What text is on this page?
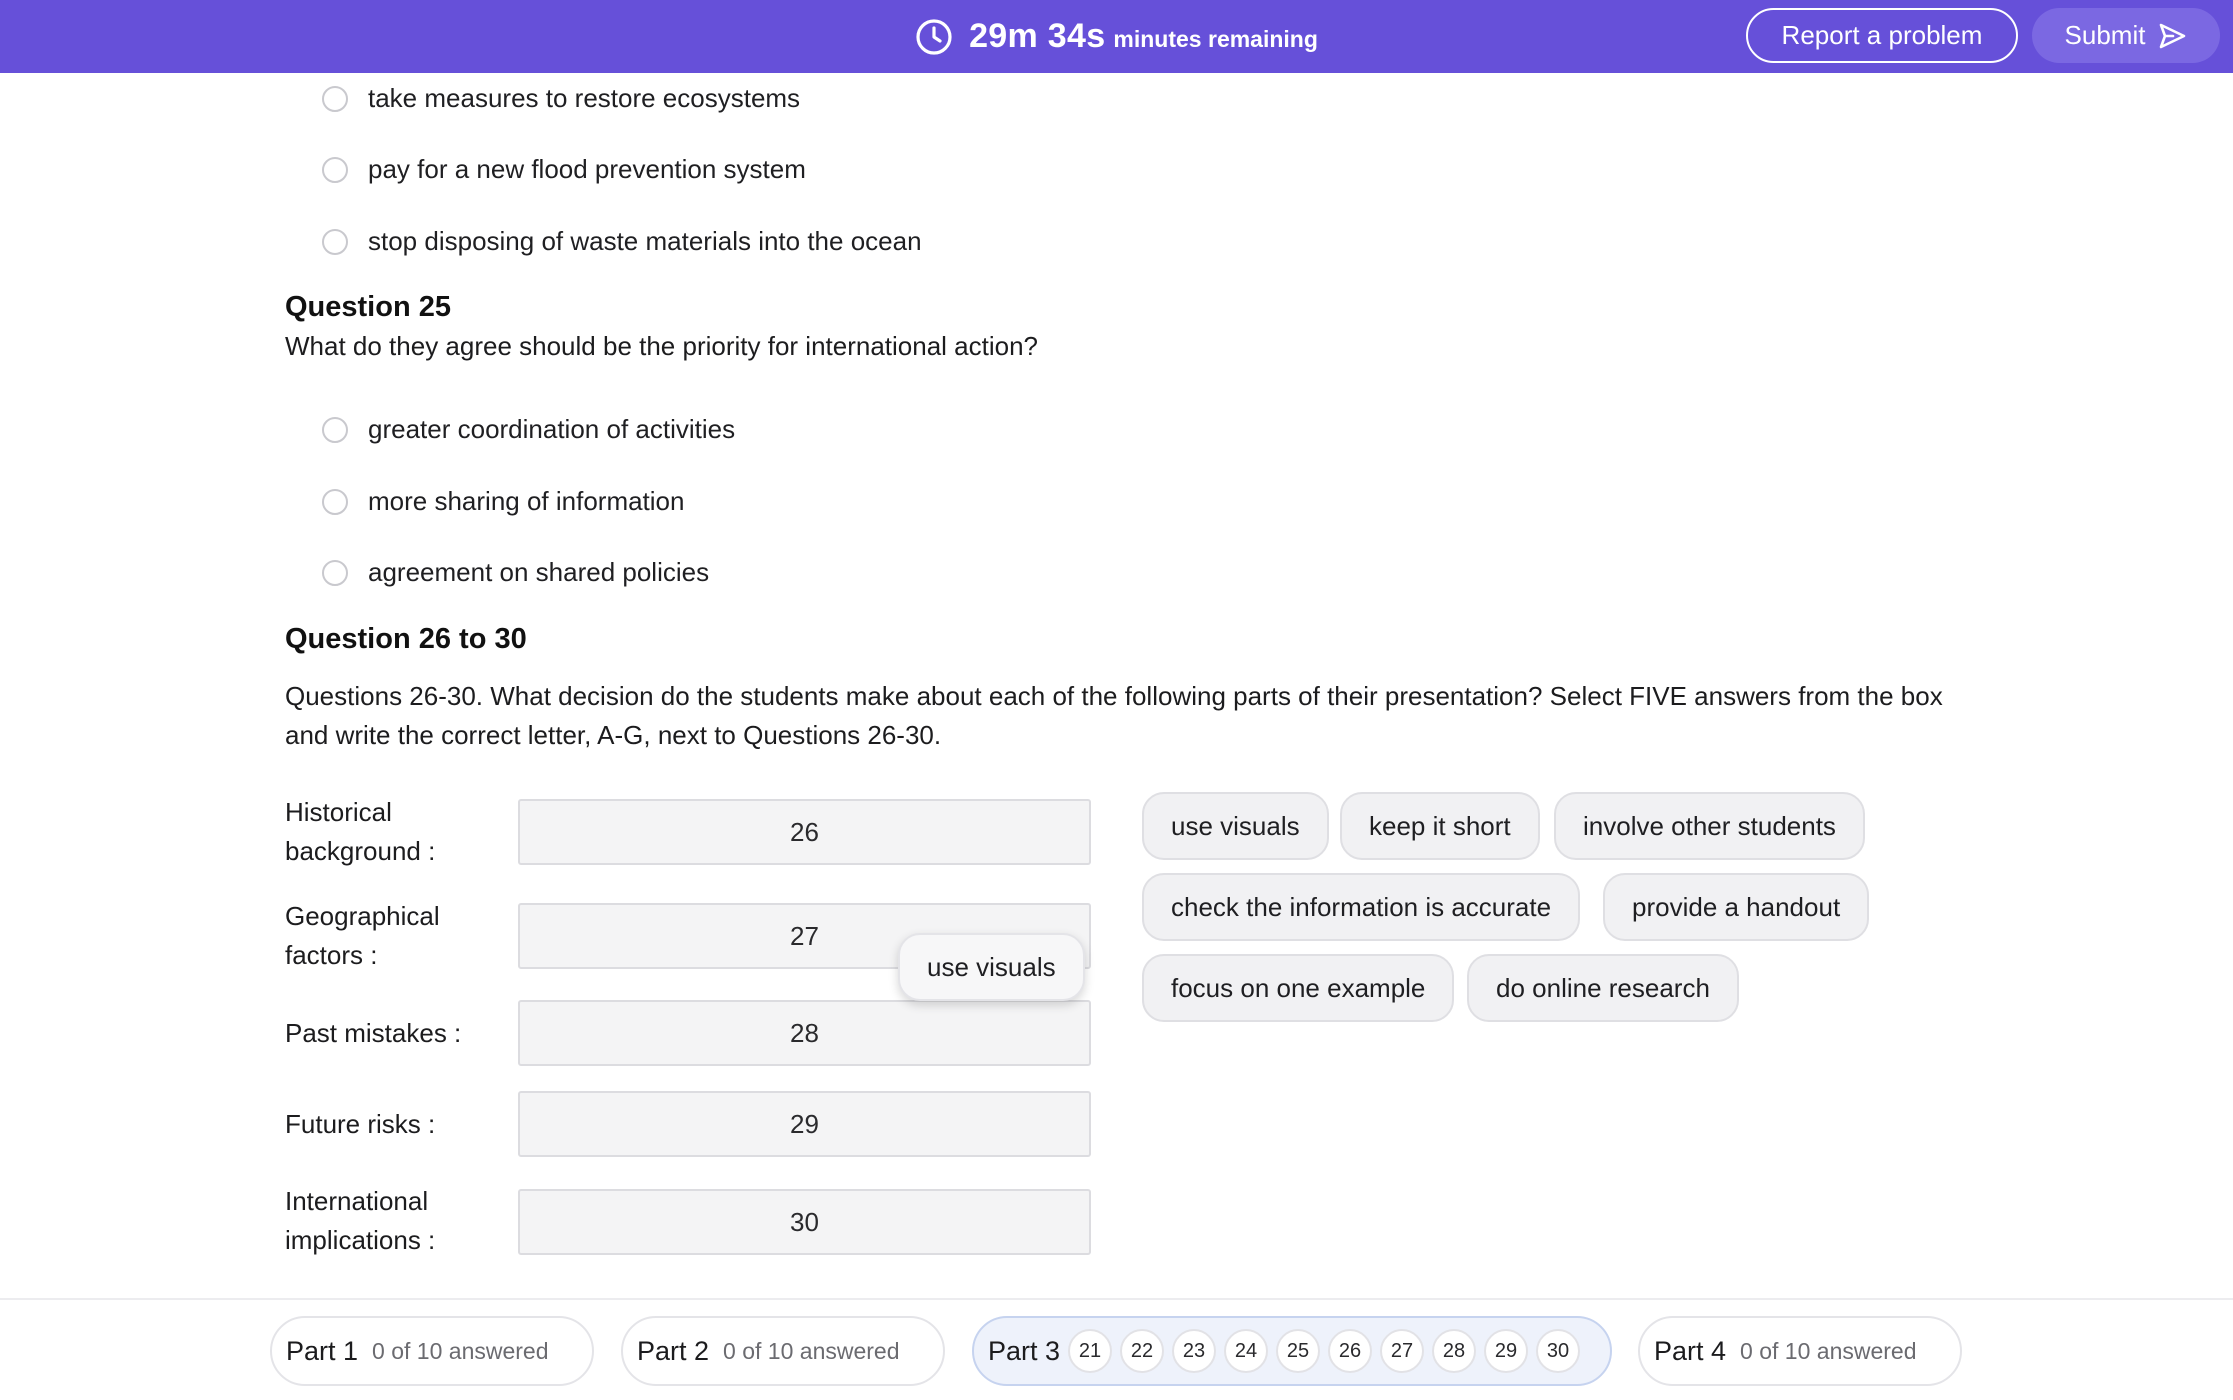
29m 34s minutes remaining	Report a problem	Submit
take measures to restore ecosystems
pay for a new flood prevention system
stop disposing of waste materials into the ocean
Question 25
What do they agree should be the priority for international action?
greater coordination of activities
more sharing of information
agreement on shared policies
Question 26 to 30
Questions 26-30. What decision do the students make about each of the following parts of their presentation? Select FIVE answers from the box and write the correct letter, A-G, next to Questions 26-30.
Historical background :
26
Geographical factors :
27
Past mistakes :	28
Future risks :	29
International implications :
30
use visuals
use visuals	keep it short	involve other students
check the information is accurate	provide a handout
focus on one example	do online research
Part 1 0 of 10 answered	Part 2 0 of 10 answered	Part 3 21	22	23	24	25	26	27	28	29	30	Part 4 0 of 10 answered
